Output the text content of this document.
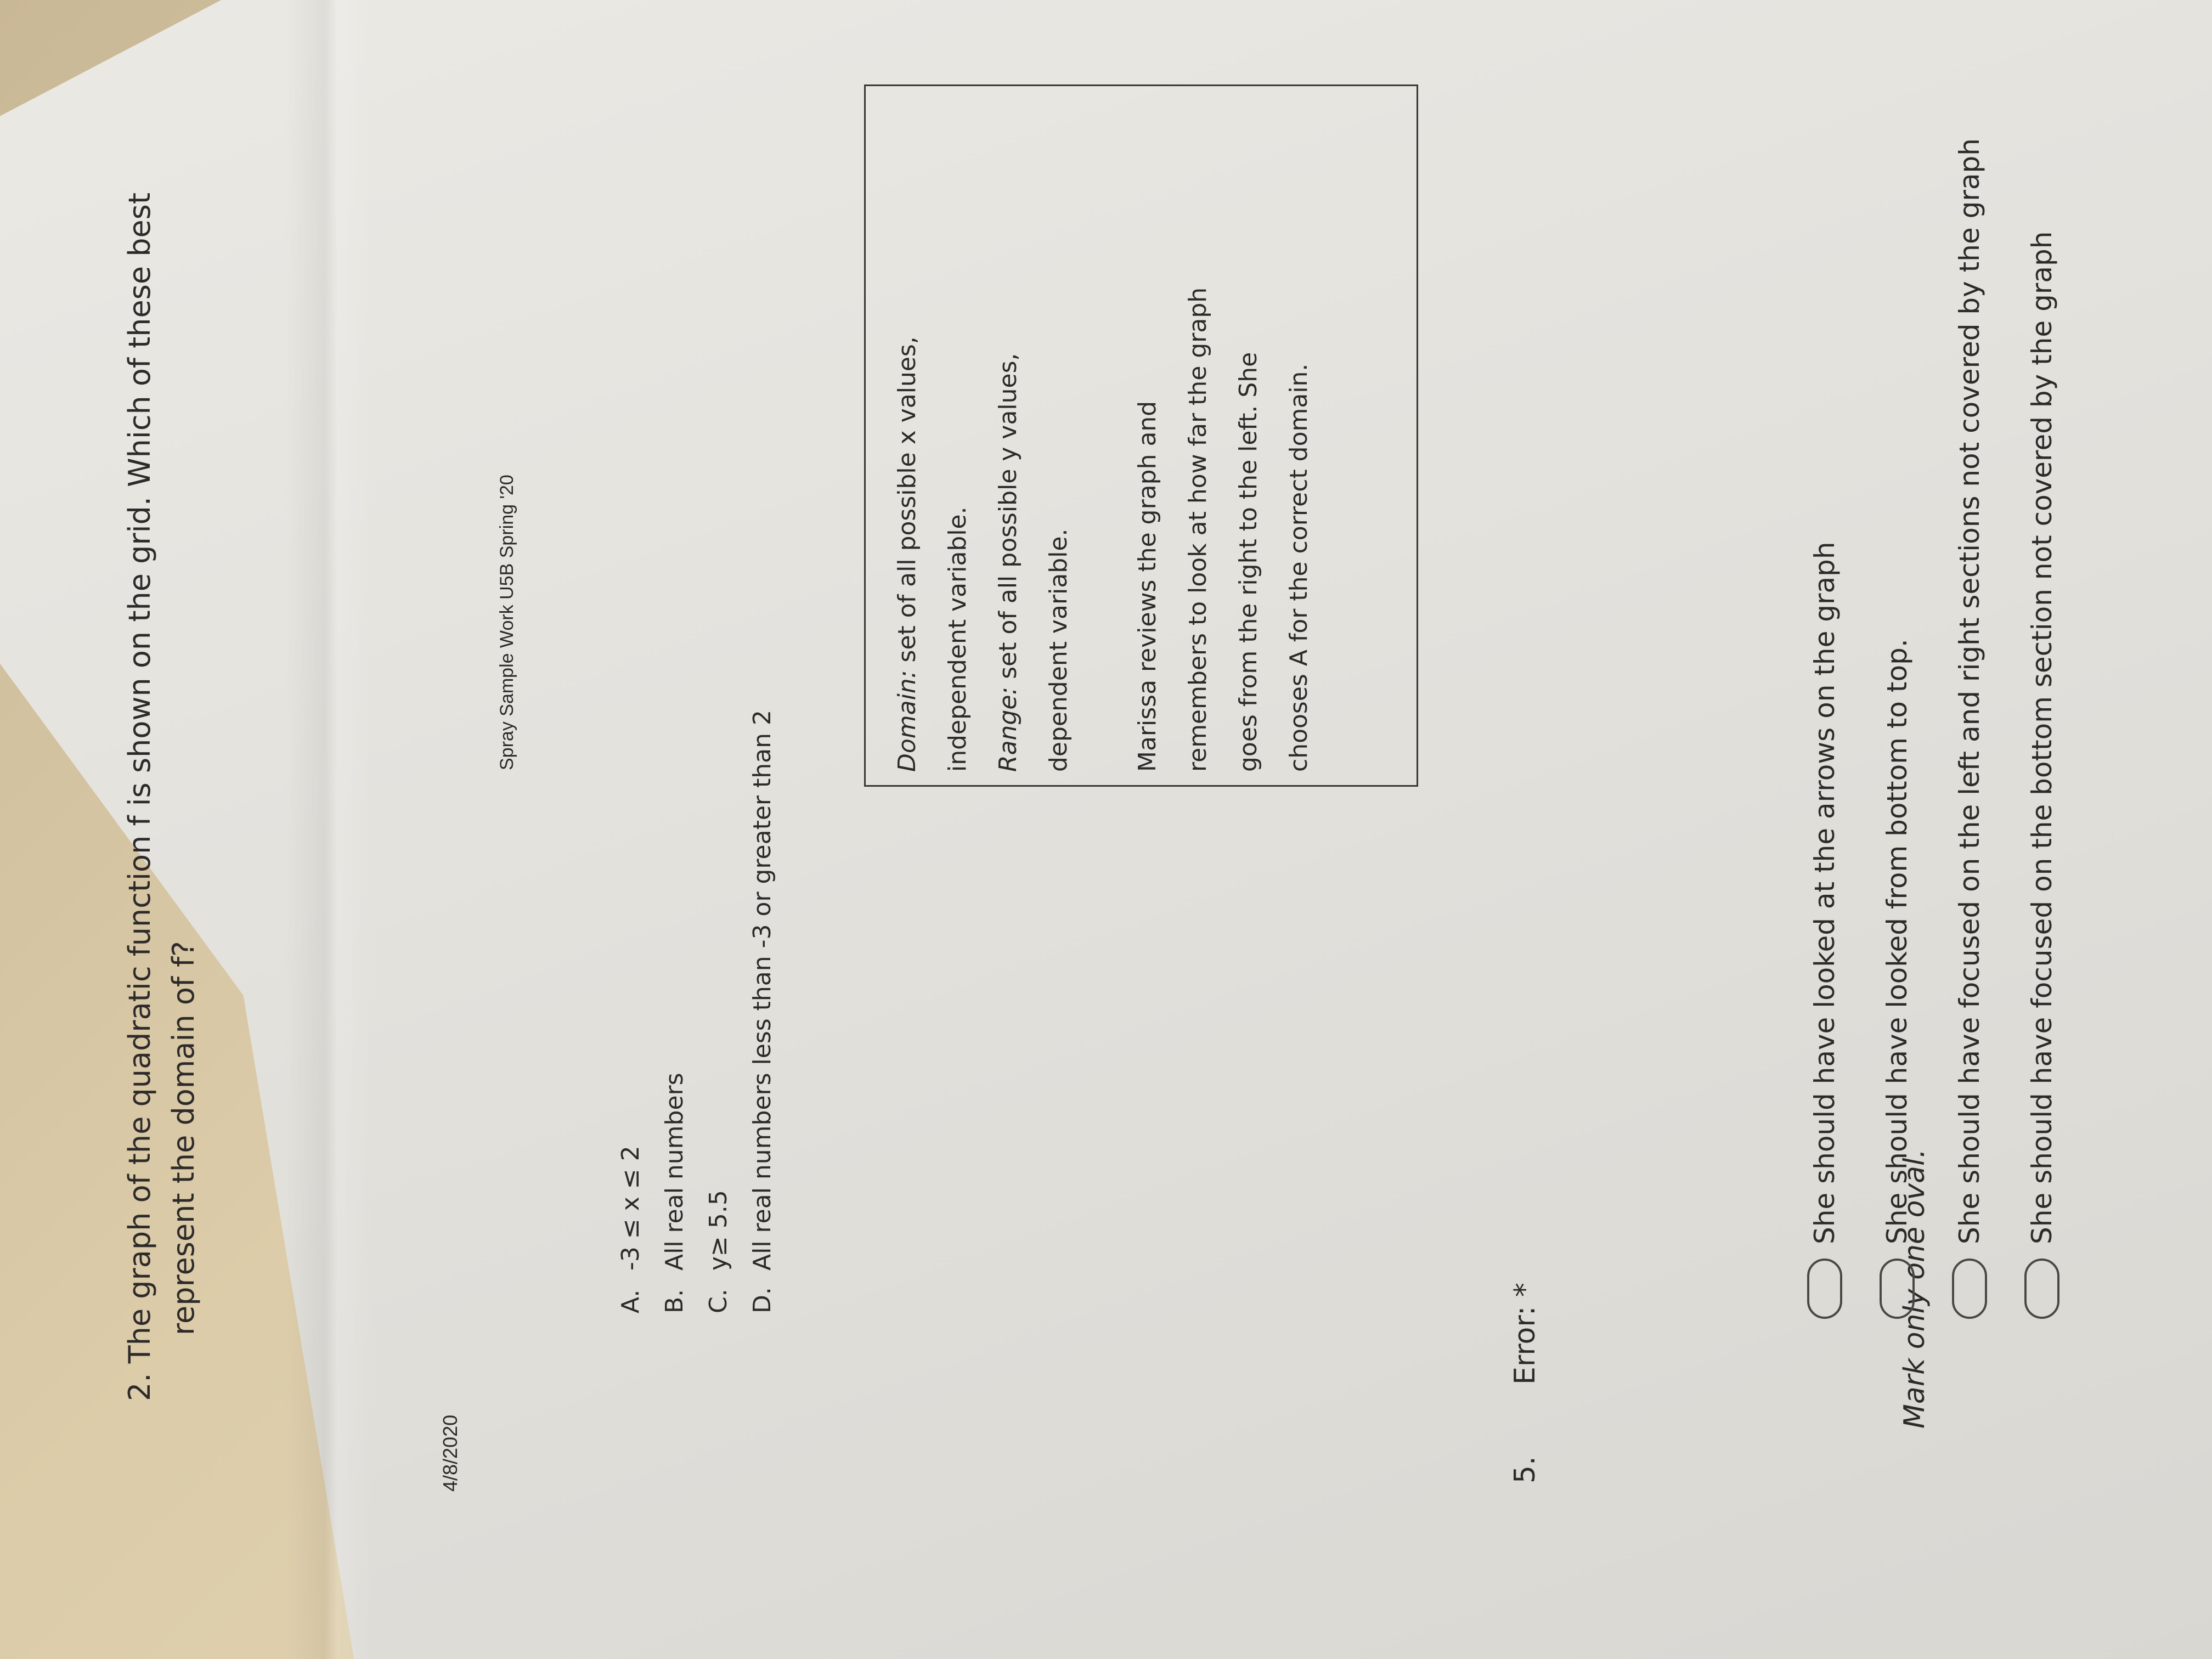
2. The graph of the quadratic function f is shown on the grid. Which of these best represent the domain of f?
4/8/2020
Spray Sample Work U5B Spring '20
A.-3 ≤ x ≤ 2
B.All real numbers
C.y≥ 5.5
D.All real numbers less than -3 or greater than 2	Domain: set of all possible x values, independent variable. Range: set of all possible y values, dependent variable.	Marissa reviews the graph and remembers to look at how far the graph goes from the right to the left. She chooses A for the correct domain.

5.
Error: *	Mark only one oval.
She should have looked at the arrows on the graph She should have looked from bottom to top. She should have focused on the left and right sections not covered by the graph She should have focused on the bottom section not covered by the graph
